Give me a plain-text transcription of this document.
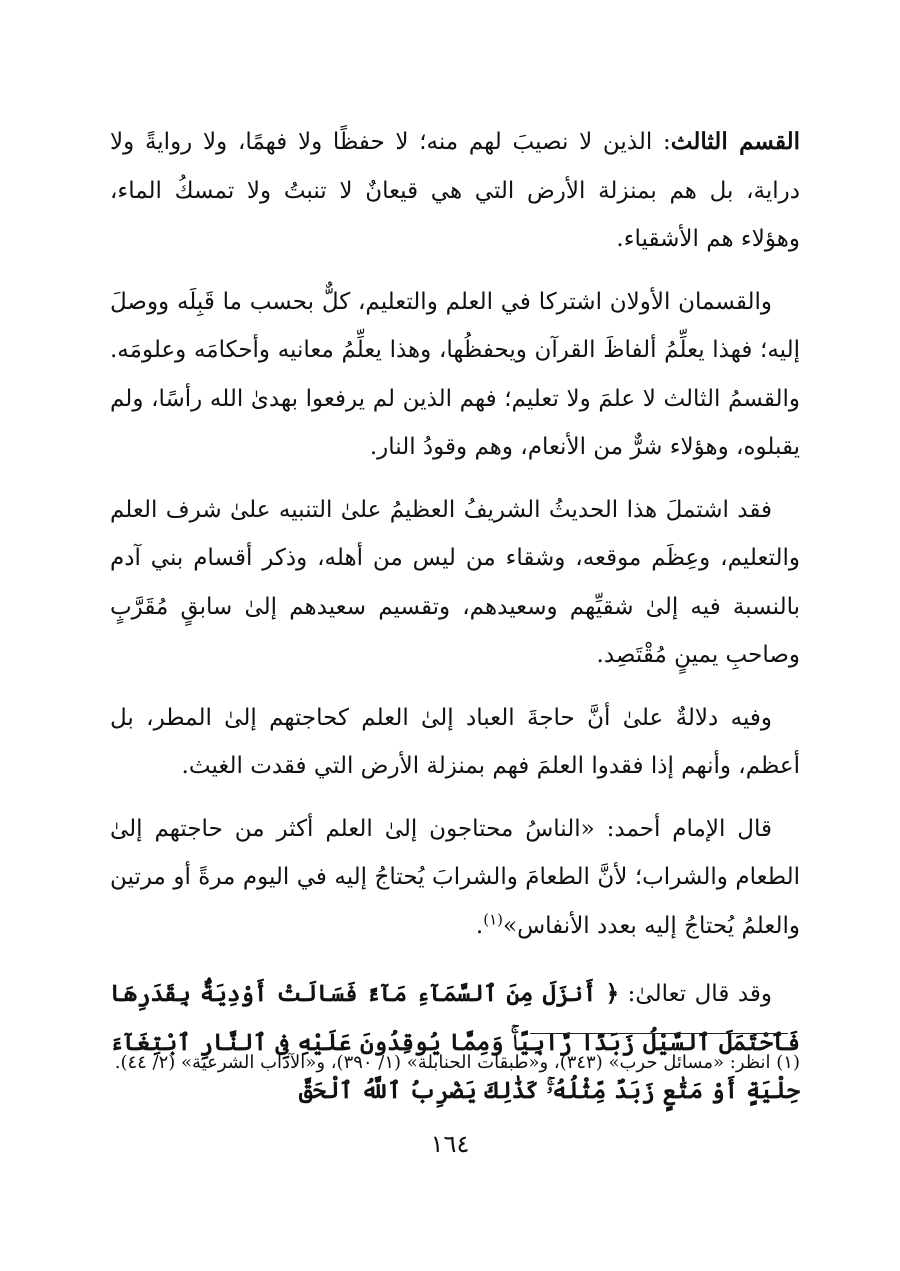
القسم الثالث: الذين لا نصيبَ لهم منه؛ لا حفظًا ولا فهمًا، ولا روايةً ولا دراية، بل هم بمنزلة الأرض التي هي قيعانٌ لا تنبتُ ولا تمسكُ الماء، وهؤلاء هم الأشقياء.

والقسمان الأولان اشتركا في العلم والتعليم، كلٌّ بحسب ما قَبِلَه ووصلَ إليه؛ فهذا يعلِّمُ ألفاظَ القرآن ويحفظُها، وهذا يعلِّمُ معانيه وأحكامَه وعلومَه. والقسمُ الثالث لا علمَ ولا تعليم؛ فهم الذين لم يرفعوا بهدىٰ الله رأسًا، ولم يقبلوه، وهؤلاء شرٌّ من الأنعام، وهم وقودُ النار.

فقد اشتملَ هذا الحديثُ الشريفُ العظيمُ علىٰ التنبيه علىٰ شرف العلم والتعليم، وعِظَم موقعه، وشقاء من ليس من أهله، وذكر أقسام بني آدم بالنسبة فيه إلىٰ شقيِّهم وسعيدهم، وتقسيم سعيدهم إلىٰ سابقٍ مُقَرَّبٍ وصاحبِ يمينٍ مُقْتَصِد.

وفيه دلالةٌ علىٰ أنَّ حاجةَ العباد إلىٰ العلم كحاجتهم إلىٰ المطر، بل أعظم، وأنهم إذا فقدوا العلمَ فهم بمنزلة الأرض التي فقدت الغيث.

قال الإمام أحمد: «الناسُ محتاجون إلىٰ العلم أكثر من حاجتهم إلىٰ الطعام والشراب؛ لأنَّ الطعامَ والشرابَ يُحتاجُ إليه في اليوم مرةً أو مرتين والعلمُ يُحتاجُ إليه بعدد الأنفاس»$^{(١)}$.

وقد قال تعالىٰ: ﴿ أَنزَلَ مِنَ ٱلسَّمَآءِ مَآءً فَسَالَتْ أَوْدِيَةٌۢ بِقَدَرِهَا فَٱحْتَمَلَ ٱلسَّيْلُ زَبَدًا رَّابِيًاۚ وَمِمَّا يُوقِدُونَ عَلَيْهِ فِى ٱلنَّارِ ٱبْتِغَآءَ حِلْيَةٍ أَوْ مَتَٰعٍ زَبَدٌ مِّثْلُهُۥۚ كَذَٰلِكَ يَضْرِبُ ٱللَّهُ ٱلْحَقَّ

(١) انظر: «مسائل حرب» (٣٤٣)، و«طبقات الحنابلة» (١/ ٣٩٠)، و«الآداب الشرعية» (٢/ ٤٤).

١٦٤
